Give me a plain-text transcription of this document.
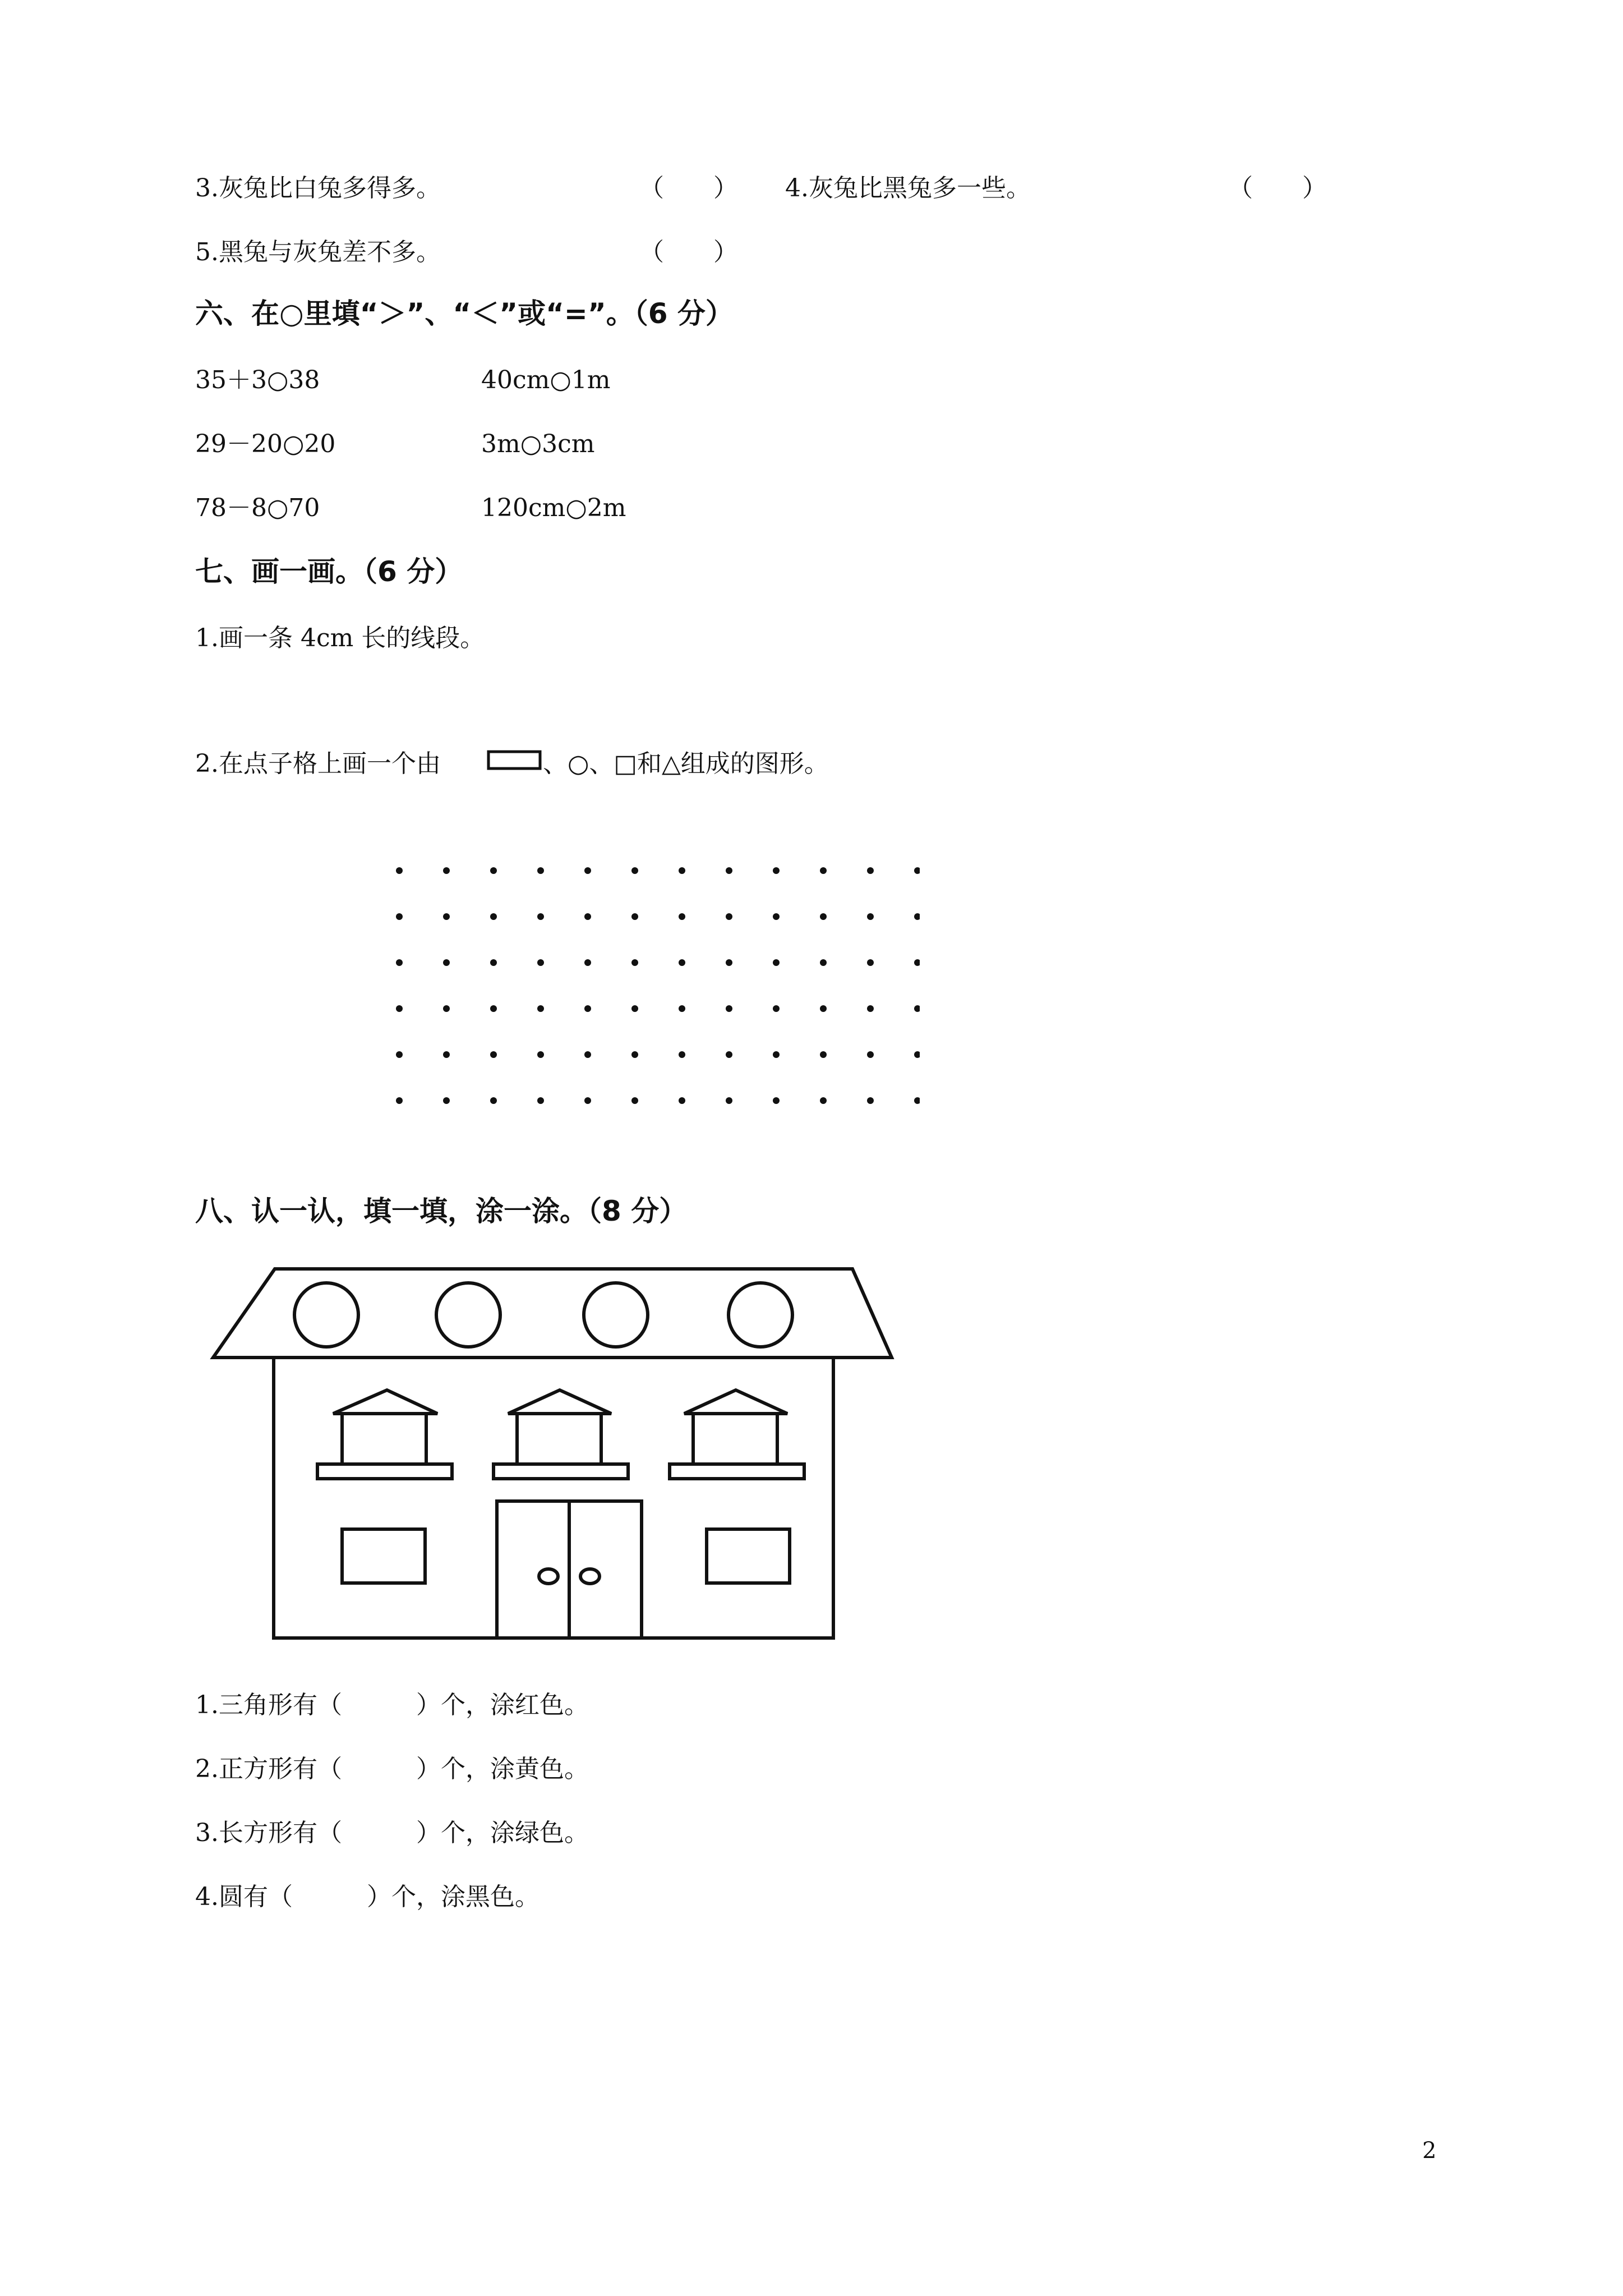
3.灰兔比白兔多得多。	（　　） 4.灰兔比黑兔多一些。	（　　）
5.黑兔与灰兔差不多。	（　　）
六、在○里填“＞”、“＜”或“=”。（6 分）
35＋3○38	40cm○1m
29－20○20	3m○3cm
78－8○70	120cm○2m
七、画一画。（6 分）
1.画一条 4cm 长的线段。
2.在点子格上画一个由	、○、□和△组成的图形。
八、认一认，填一填，涂一涂。（8 分）
1.三角形有（　　　）个，涂红色。
2.正方形有（　　　）个，涂黄色。
3.长方形有（　　　）个，涂绿色。
4.圆有（　　　）个，涂黑色。
2
